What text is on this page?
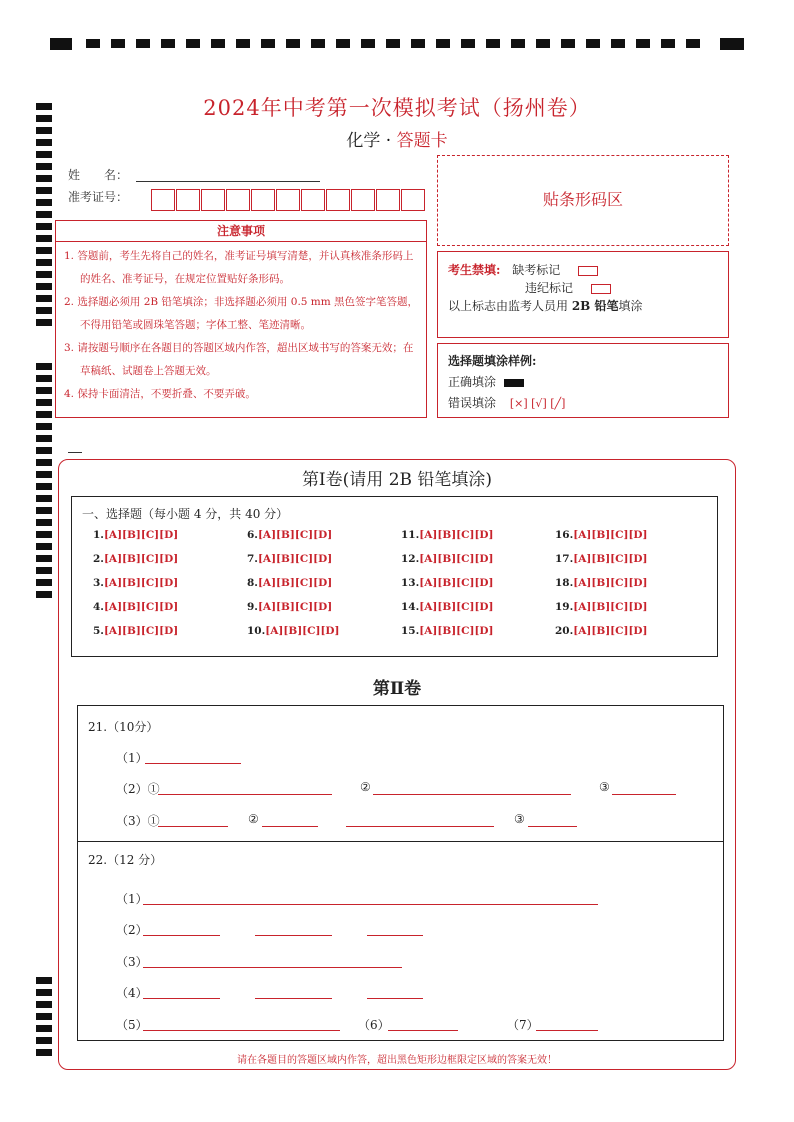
2024年中考第一次模拟考试（扬州卷）
化学 · 答题卡
姓　　名：
准考证号：	贴条形码区
注意事项
1. 答题前，考生先将自己的姓名，准考证号填写清楚，并认真核准条形码上的姓名、准考证号，在规定位置贴好条形码。
2. 选择题必须用 2B 铅笔填涂；非选择题必须用 0.5 mm 黑色签字笔答题，不得用铅笔或圆珠笔答题；字体工整、笔迹清晰。
3. 请按题号顺序在各题目的答题区域内作答，超出区域书写的答案无效；在草稿纸、试题卷上答题无效。
4. 保持卡面清洁，不要折叠、不要弄破。
考生禁填: 缺考标记
违纪标记
以上标志由监考人员用 2B 铅笔填涂
选择题填涂样例:
正确填涂
错误填涂 [×] [√] [╱]
第Ⅰ卷(请用 2B 铅笔填涂)
一、选择题（每小题 4 分，共 40 分）
1.[A][B][C][D]
2.[A][B][C][D]
3.[A][B][C][D]
4.[A][B][C][D]
5.[A][B][C][D]
6.[A][B][C][D]
7.[A][B][C][D]
8.[A][B][C][D]
9.[A][B][C][D]
10.[A][B][C][D]
11.[A][B][C][D]
12.[A][B][C][D]
13.[A][B][C][D]
14.[A][B][C][D]
15.[A][B][C][D]
16.[A][B][C][D]
17.[A][B][C][D]
18.[A][B][C][D]
19.[A][B][C][D]
20.[A][B][C][D]
第Ⅱ卷
21.（10分）
（1）
（2）①	②	③
（3）①	②	③
22.（12 分）
（1）
（2）
（3）
（4）
（5）	（6）	（7）
请在各题目的答题区域内作答，超出黑色矩形边框限定区域的答案无效！
